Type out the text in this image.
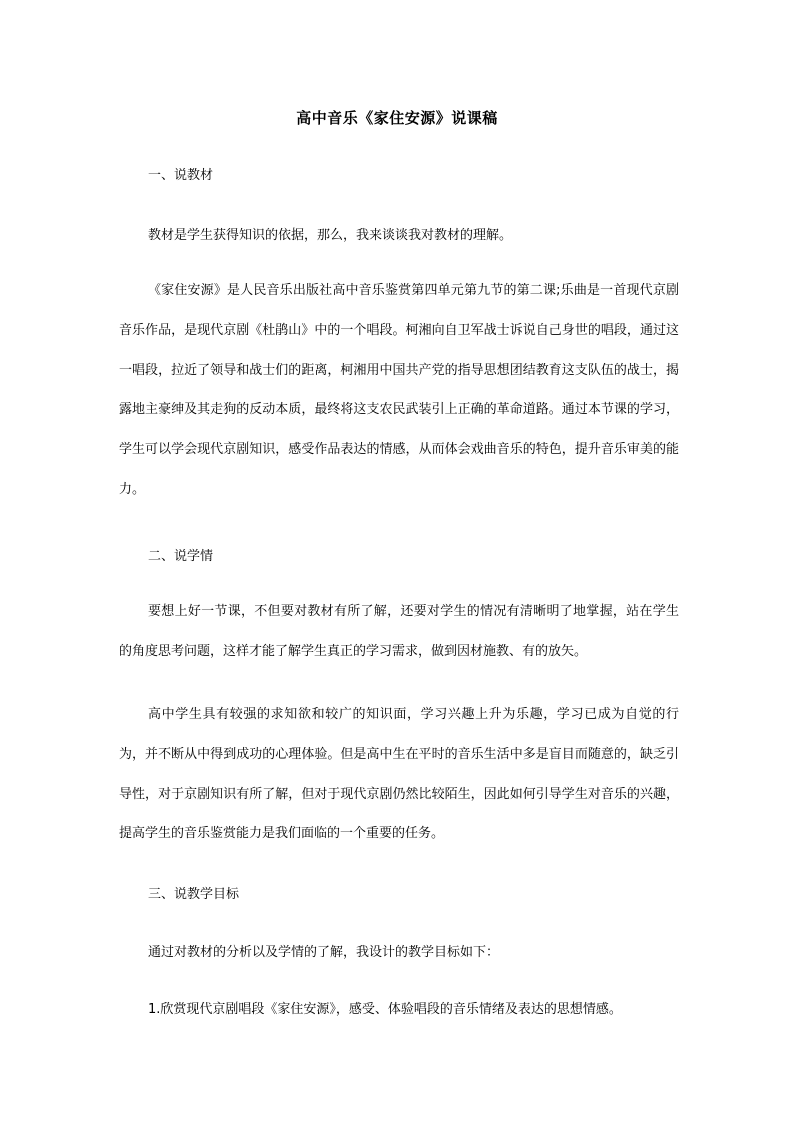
高中音乐《家住安源》说课稿
一、说教材
教材是学生获得知识的依据，那么，我来谈谈我对教材的理解。
《家住安源》是人民音乐出版社高中音乐鉴赏第四单元第九节的第二课;乐曲是一首现代京剧音乐作品，是现代京剧《杜鹃山》中的一个唱段。柯湘向自卫军战士诉说自己身世的唱段，通过这一唱段，拉近了领导和战士们的距离，柯湘用中国共产党的指导思想团结教育这支队伍的战士，揭露地主豪绅及其走狗的反动本质，最终将这支农民武装引上正确的革命道路。通过本节课的学习，学生可以学会现代京剧知识，感受作品表达的情感，从而体会戏曲音乐的特色，提升音乐审美的能力。
二、说学情
要想上好一节课，不但要对教材有所了解，还要对学生的情况有清晰明了地掌握，站在学生的角度思考问题，这样才能了解学生真正的学习需求，做到因材施教、有的放矢。
高中学生具有较强的求知欲和较广的知识面，学习兴趣上升为乐趣，学习已成为自觉的行为，并不断从中得到成功的心理体验。但是高中生在平时的音乐生活中多是盲目而随意的，缺乏引导性，对于京剧知识有所了解，但对于现代京剧仍然比较陌生，因此如何引导学生对音乐的兴趣，提高学生的音乐鉴赏能力是我们面临的一个重要的任务。
三、说教学目标
通过对教材的分析以及学情的了解，我设计的教学目标如下：
1.欣赏现代京剧唱段《家住安源》，感受、体验唱段的音乐情绪及表达的思想情感。
